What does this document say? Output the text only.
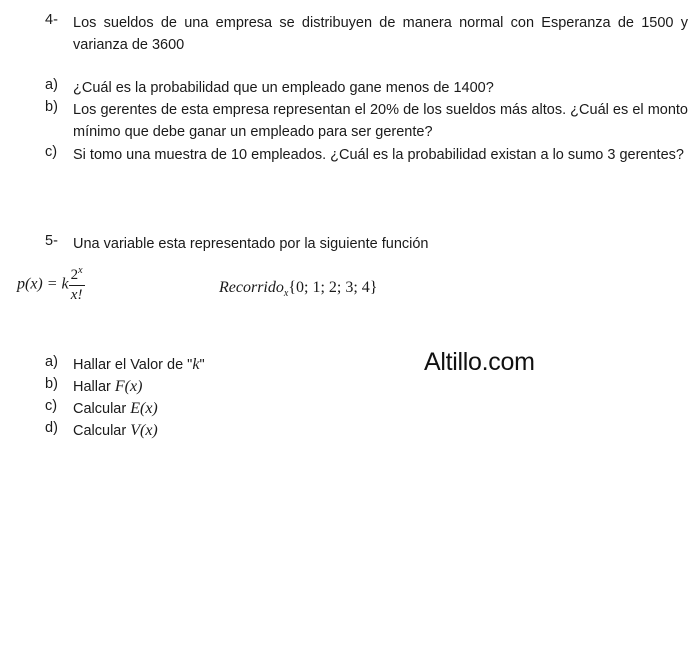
4- Los sueldos de una empresa se distribuyen de manera normal con Esperanza de 1500 y varianza de 3600
a) ¿Cuál es la probabilidad que un empleado gane menos de 1400?
b) Los gerentes de esta empresa representan el 20% de los sueldos más altos. ¿Cuál es el monto mínimo que debe ganar un empleado para ser gerente?
c) Si tomo una muestra de 10 empleados. ¿Cuál es la probabilidad existan a lo sumo 3 gerentes?
5- Una variable esta representado por la siguiente función
p(x) = k $\frac{2^x}{x!}$	Recorrido$_x${0; 1; 2; 3; 4}
a) Hallar el Valor de "k"
b) Hallar F(x)
c) Calcular E(x)
d) Calcular V(x)
Altillo.com
